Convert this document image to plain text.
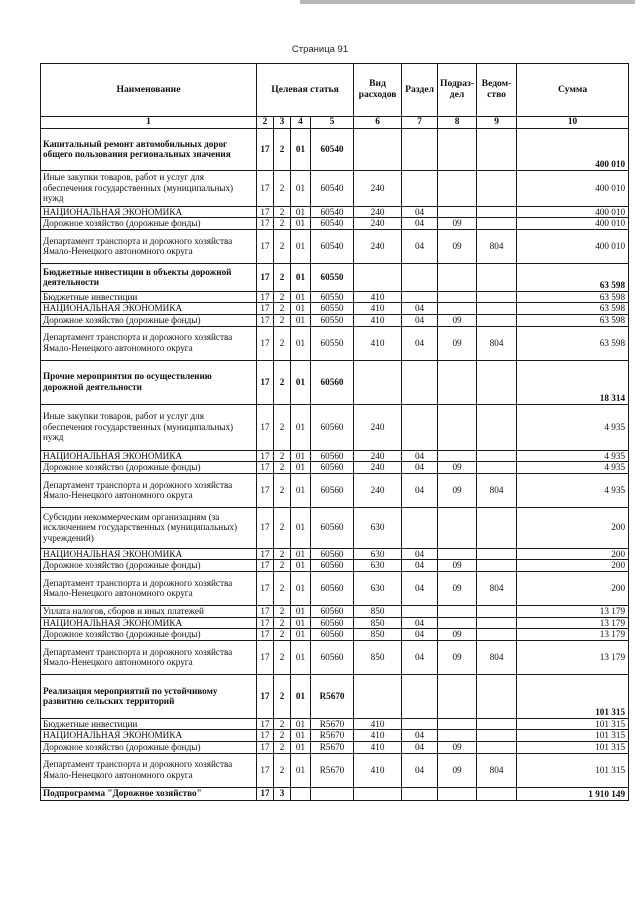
Страница 91
Наименование	Целевая статья				Вид расходов	Раздел	Подраз-дел	Ведом-ство	Сумма
1	2	3	4	5	6	7	8	9	10
Капитальный ремонт автомобильных дорог общего пользования региональных значения	17	2	01	60540					400 010
Иные закупки товаров, работ и услуг для обеспечения государственных (муниципальных) нужд	17	2	01	60540	240				400 010
НАЦИОНАЛЬНАЯ ЭКОНОМИКА	17	2	01	60540	240	04			400 010
Дорожное хозяйство (дорожные фонды)	17	2	01	60540	240	04	09		400 010
Департамент транспорта и дорожного хозяйства Ямало-Ненецкого автономного округа	17	2	01	60540	240	04	09	804	400 010
Бюджетные инвестиции в объекты дорожной деятельности	17	2	01	60550					63 598
Бюджетные инвестиции	17	2	01	60550	410				63 598
НАЦИОНАЛЬНАЯ ЭКОНОМИКА	17	2	01	60550	410	04			63 598
Дорожное хозяйство (дорожные фонды)	17	2	01	60550	410	04	09		63 598
Департамент транспорта и дорожного хозяйства Ямало-Ненецкого автономного округа	17	2	01	60550	410	04	09	804	63 598
Прочие мероприятия по осуществлению дорожной деятельности	17	2	01	60560					18 314
Иные закупки товаров, работ и услуг для обеспечения государственных (муниципальных) нужд	17	2	01	60560	240				4 935
НАЦИОНАЛЬНАЯ ЭКОНОМИКА	17	2	01	60560	240	04			4 935
Дорожное хозяйство (дорожные фонды)	17	2	01	60560	240	04	09		4 935
Департамент транспорта и дорожного хозяйства Ямало-Ненецкого автономного округа	17	2	01	60560	240	04	09	804	4 935
Субсидии некоммерческим организациям (за исключением государственных (муниципальных) учреждений)	17	2	01	60560	630				200
НАЦИОНАЛЬНАЯ ЭКОНОМИКА	17	2	01	60560	630	04			200
Дорожное хозяйство (дорожные фонды)	17	2	01	60560	630	04	09		200
Департамент транспорта и дорожного хозяйства Ямало-Ненецкого автономного округа	17	2	01	60560	630	04	09	804	200
Уплата налогов, сборов и иных платежей	17	2	01	60560	850				13 179
НАЦИОНАЛЬНАЯ ЭКОНОМИКА	17	2	01	60560	850	04			13 179
Дорожное хозяйство (дорожные фонды)	17	2	01	60560	850	04	09		13 179
Департамент транспорта и дорожного хозяйства Ямало-Ненецкого автономного округа	17	2	01	60560	850	04	09	804	13 179
Реализация мероприятий по устойчивому развитию сельских территорий	17	2	01	R5670					101 315
Бюджетные инвестиции	17	2	01	R5670	410				101 315
НАЦИОНАЛЬНАЯ ЭКОНОМИКА	17	2	01	R5670	410	04			101 315
Дорожное хозяйство (дорожные фонды)	17	2	01	R5670	410	04	09		101 315
Департамент транспорта и дорожного хозяйства Ямало-Ненецкого автономного округа	17	2	01	R5670	410	04	09	804	101 315
Подпрограмма "Дорожное хозяйство"	17	3							1 910 149
